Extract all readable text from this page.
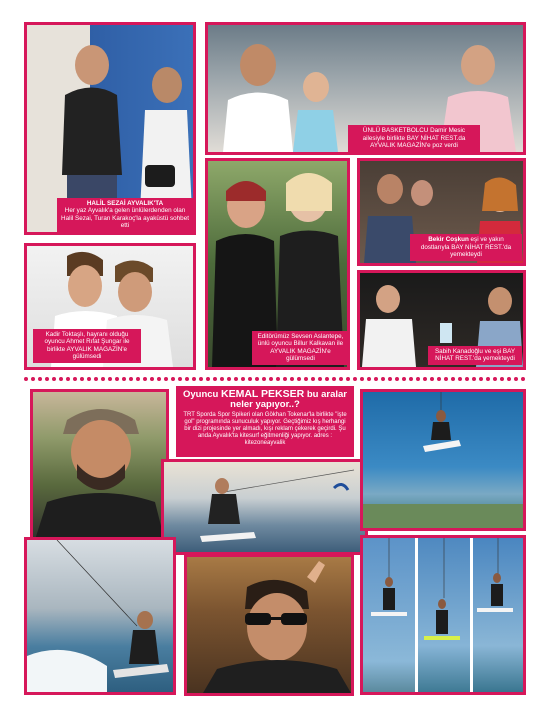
HALİL SEZAİ AYVALIK'TA
Her yaz Ayvalık'a gelen ünlülerdenden olan Halil Sezai, Turan Karakoç'la ayaküstü sohbet etti
ÜNLÜ BASKETBOLCU Damir Mesic ailesiyle birlikte BAY NİHAT REST.da AYVALIK MAGAZİN'e poz verdi
Bekir Coşkun eşi ve yakın dostlarıyla BAY NİHAT REST.'da yemekteydi
Editörümüz Sevsen Aslantepe, ünlü oyuncu Billur Kalkavan ile AYVALIK MAGAZİN'e gülümsedi
Kadir Toktaşlı, hayranı olduğu oyuncu Ahmet Rıfat Şungar ile birlikte AYVALIK MAGAZİN'e gülümsedi
Sabih Kanadoğlu ve eşi BAY NİHAT REST.'da yemekteydi
Oyuncu KEMAL PEKSER bu aralar neler yapıyor..?
TRT Sporda Spor Spikeri olan Gökhan Tokenar'la birlikte "işte gol" programında sunuculuk yapıyor. Geçtiğimiz kış herhangi bir dizi projesinde yer almadı, kışı reklam çekerek geçirdi. Şu anda Ayvalık'ta kitesurf eğitmenliği yapıyor. adres : kitezoneayvalik
